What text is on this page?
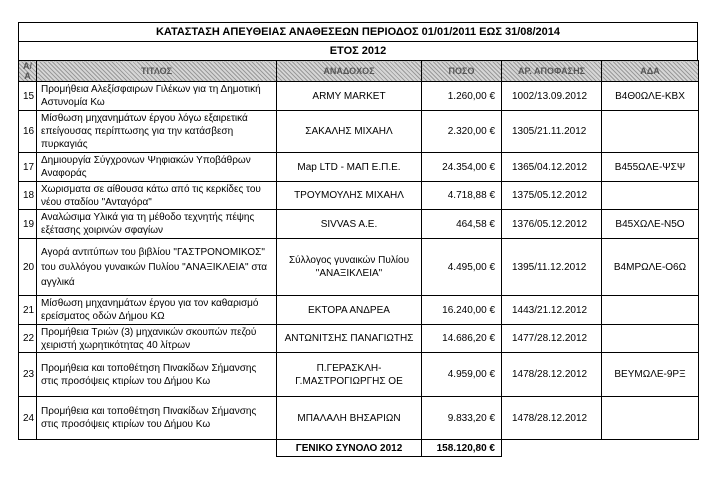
ΚΑΤΑΣΤΑΣΗ ΑΠΕΥΘΕΙΑΣ ΑΝΑΘΕΣΕΩΝ ΠΕΡΙΟΔΟΣ 01/01/2011 ΕΩΣ 31/08/2014
ΕΤΟΣ 2012
Α/Α	ΤΙΤΛΟΣ	ΑΝΑΔΟΧΟΣ	ΠΟΣΟ	ΑΡ. ΑΠΟΦΑΣΗΣ	ΑΔΑ
15	Προμήθεια Αλεξίσφαιρων Γιλέκων για τη Δημοτική Αστυνομία Κω	ARMY MARKET	1.260,00 €	1002/13.09.2012	Β4Θ0ΩΛΕ-ΚΒΧ
16	Μίσθωση μηχανημάτων έργου λόγω εξαιρετικά επείγουσας περίπτωσης για την κατάσβεση πυρκαγιάς	ΣΑΚΑΛΗΣ ΜΙΧΑΗΛ	2.320,00 €	1305/21.11.2012	
17	Δημιουργία Σύγχρονων Ψηφιακών Υποβάθρων Αναφοράς	Map LTD - ΜΑΠ Ε.Π.Ε.	24.354,00 €	1365/04.12.2012	Β455ΩΛΕ-ΨΣΨ
18	Χωρισματα σε αίθουσα κάτω από τις κερκίδες του νέου σταδίου "Ανταγόρα"	ΤΡΟΥΜΟΥΛΗΣ ΜΙΧΑΗΛ	4.718,88 €	1375/05.12.2012	
19	Αναλώσιμα Υλικά για τη μέθοδο τεχνητής πέψης εξέτασης χοιρινών σφαγίων	SIVVAS A.E.	464,58 €	1376/05.12.2012	Β45ΧΩΛΕ-Ν5Ο
20	Αγορά αντιτύπων του βιβλίου "ΓΑΣΤΡΟΝΟΜΙΚΟΣ" του συλλόγου γυναικών Πυλίου "ΑΝΑΞΙΚΛΕΙΑ" στα αγγλικά	Σύλλογος γυναικών Πυλίου "ΑΝΑΞΙΚΛΕΙΑ"	4.495,00 €	1395/11.12.2012	Β4ΜΡΩΛΕ-Ο6Ω
21	Μίσθωση μηχανημάτων έργου για τον καθαρισμό ερείσματος οδών Δήμου ΚΩ	ΕΚΤΟΡΑ ΑΝΔΡΕΑ	16.240,00 €	1443/21.12.2012	
22	Προμήθεια Τριών (3) μηχανικών σκουπών πεζού χειριστή χωρητικότητας 40 λίτρων	ΑΝΤΩΝΙΤΣΗΣ ΠΑΝΑΓΙΩΤΗΣ	14.686,20 €	1477/28.12.2012	
23	Προμήθεια και τοποθέτηση Πινακίδων Σήμανσης στις προσόψεις κτιρίων του Δήμου Κω	Π.ΓΕΡΑΣΚΛΗ-Γ.ΜΑΣΤΡΟΓΙΩΡΓΗΣ ΟΕ	4.959,00 €	1478/28.12.2012	ΒΕΥΜΩΛΕ-9ΡΞ
24	Προμήθεια και τοποθέτηση Πινακίδων Σήμανσης στις προσόψεις κτιρίων του Δήμου Κω	ΜΠΑΛΑΛΗ ΒΗΣΑΡΙΩΝ	9.833,20 €	1478/28.12.2012	
		ΓΕΝΙΚΟ ΣΥΝΟΛΟ 2012	158.120,80 €		
